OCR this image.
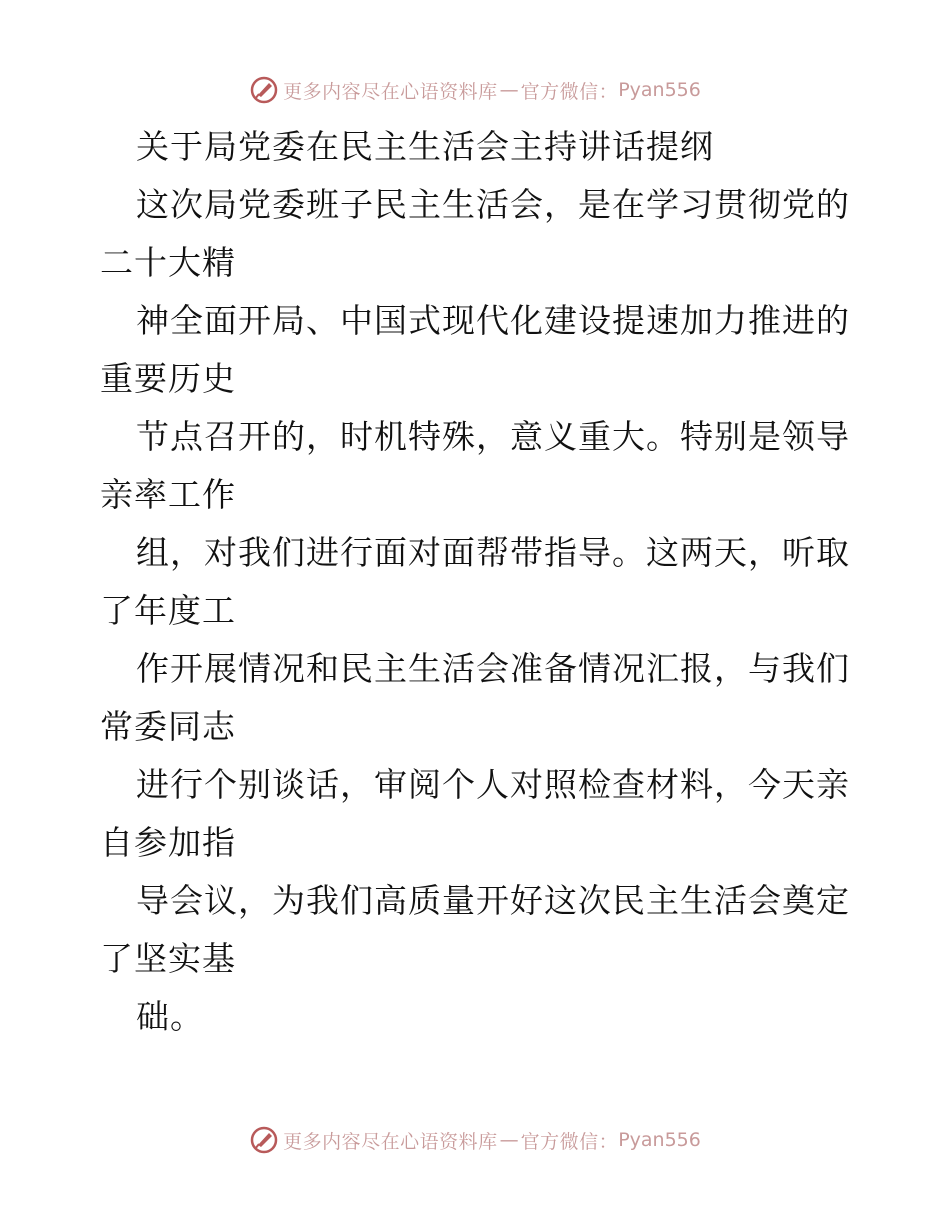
更多内容尽在心语资料库 — 官方微信： Pyan556
关于局党委在民主生活会主持讲话提纲
这次局党委班子民主生活会，是在学习贯彻党的
二十大精
神全面开局、中国式现代化建设提速加力推进的
重要历史
节点召开的，时机特殊，意义重大。特别是领导
亲率工作
组，对我们进行面对面帮带指导。这两天，听取
了年度工
作开展情况和民主生活会准备情况汇报，与我们
常委同志
进行个别谈话，审阅个人对照检查材料，今天亲
自参加指
导会议，为我们高质量开好这次民主生活会奠定
了坚实基
础。
更多内容尽在心语资料库 — 官方微信： Pyan556
